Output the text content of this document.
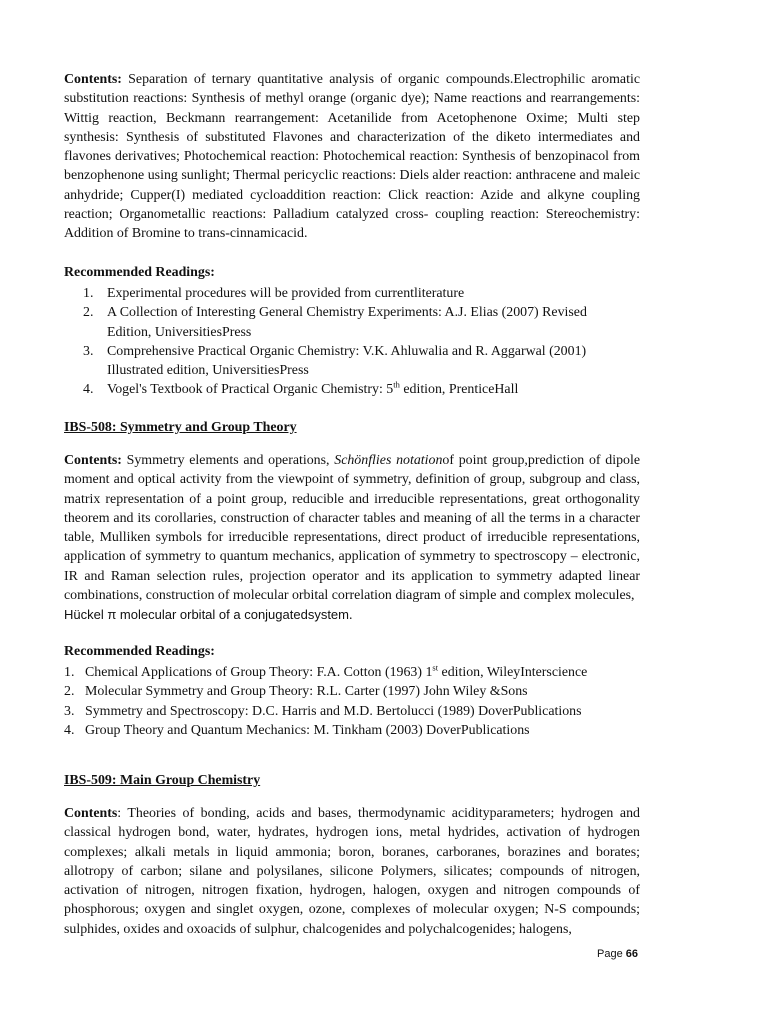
Contents: Separation of ternary quantitative analysis of organic compounds.Electrophilic aromatic substitution reactions: Synthesis of methyl orange (organic dye); Name reactions and rearrangements: Wittig reaction, Beckmann rearrangement: Acetanilide from Acetophenone Oxime; Multi step synthesis: Synthesis of substituted Flavones and characterization of the diketo intermediates and flavones derivatives; Photochemical reaction: Photochemical reaction: Synthesis of benzopinacol from benzophenone using sunlight; Thermal pericyclic reactions: Diels alder reaction: anthracene and maleic anhydride; Cupper(I) mediated cycloaddition reaction: Click reaction: Azide and alkyne coupling reaction; Organometallic reactions: Palladium catalyzed cross- coupling reaction: Stereochemistry: Addition of Bromine to trans-cinnamicacid.
Recommended Readings:
1. Experimental procedures will be provided from currentliterature
2. A Collection of Interesting General Chemistry Experiments: A.J. Elias (2007) Revised Edition, UniversitiesPress
3. Comprehensive Practical Organic Chemistry: V.K. Ahluwalia and R. Aggarwal (2001) Illustrated edition, UniversitiesPress
4. Vogel's Textbook of Practical Organic Chemistry: 5th edition, PrenticeHall
IBS-508: Symmetry and Group Theory
Contents: Symmetry elements and operations, Schönflies notationof point group,prediction of dipole moment and optical activity from the viewpoint of symmetry, definition of group, subgroup and class, matrix representation of a point group, reducible and irreducible representations, great orthogonality theorem and its corollaries, construction of character tables and meaning of all the terms in a character table, Mulliken symbols for irreducible representations, direct product of irreducible representations, application of symmetry to quantum mechanics, application of symmetry to spectroscopy – electronic, IR and Raman selection rules, projection operator and its application to symmetry adapted linear combinations, construction of molecular orbital correlation diagram of simple and complex molecules,
Hückel π molecular orbital of a conjugatedsystem.
Recommended Readings:
1. Chemical Applications of Group Theory: F.A. Cotton (1963) 1st edition, WileyInterscience
2. Molecular Symmetry and Group Theory: R.L. Carter (1997) John Wiley &Sons
3. Symmetry and Spectroscopy: D.C. Harris and M.D. Bertolucci (1989) DoverPublications
4. Group Theory and Quantum Mechanics: M. Tinkham (2003) DoverPublications
IBS-509: Main Group Chemistry
Contents: Theories of bonding, acids and bases, thermodynamic acidityparameters; hydrogen and classical hydrogen bond, water, hydrates, hydrogen ions, metal hydrides, activation of hydrogen complexes; alkali metals in liquid ammonia; boron, boranes, carboranes, borazines and borates; allotropy of carbon; silane and polysilanes, silicone Polymers, silicates; compounds of nitrogen, activation of nitrogen, nitrogen fixation, hydrogen, halogen, oxygen and nitrogen compounds of phosphorous; oxygen and singlet oxygen, ozone, complexes of molecular oxygen; N-S compounds; sulphides, oxides and oxoacids of sulphur, chalcogenides and polychalcogenides; halogens,
Page 66
